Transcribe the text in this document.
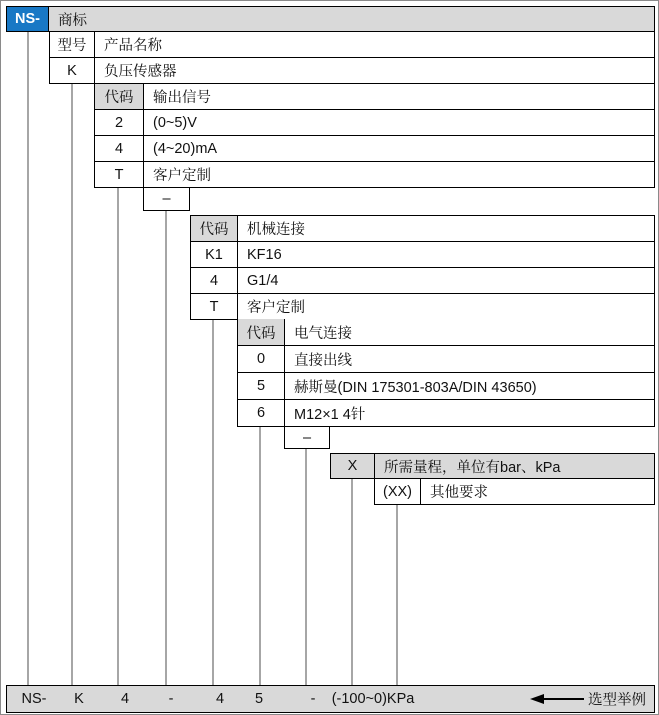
NS-	商标
型号	产品名称
K	负压传感器
代码	输出信号
2	(0~5)V
4	(4~20)mA
T	客户定制
–
代码	机械连接
K1	KF16
4	G1/4
T	客户定制
代码	电气连接
0	直接出线
5	赫斯曼(DIN 175301-803A/DIN 43650)
6	M12×1 4针
–
X	所需量程，单位有bar、kPa
(XX)	其他要求
NS- K	4	-	4 5	- (-100~0)KPa	选型举例
